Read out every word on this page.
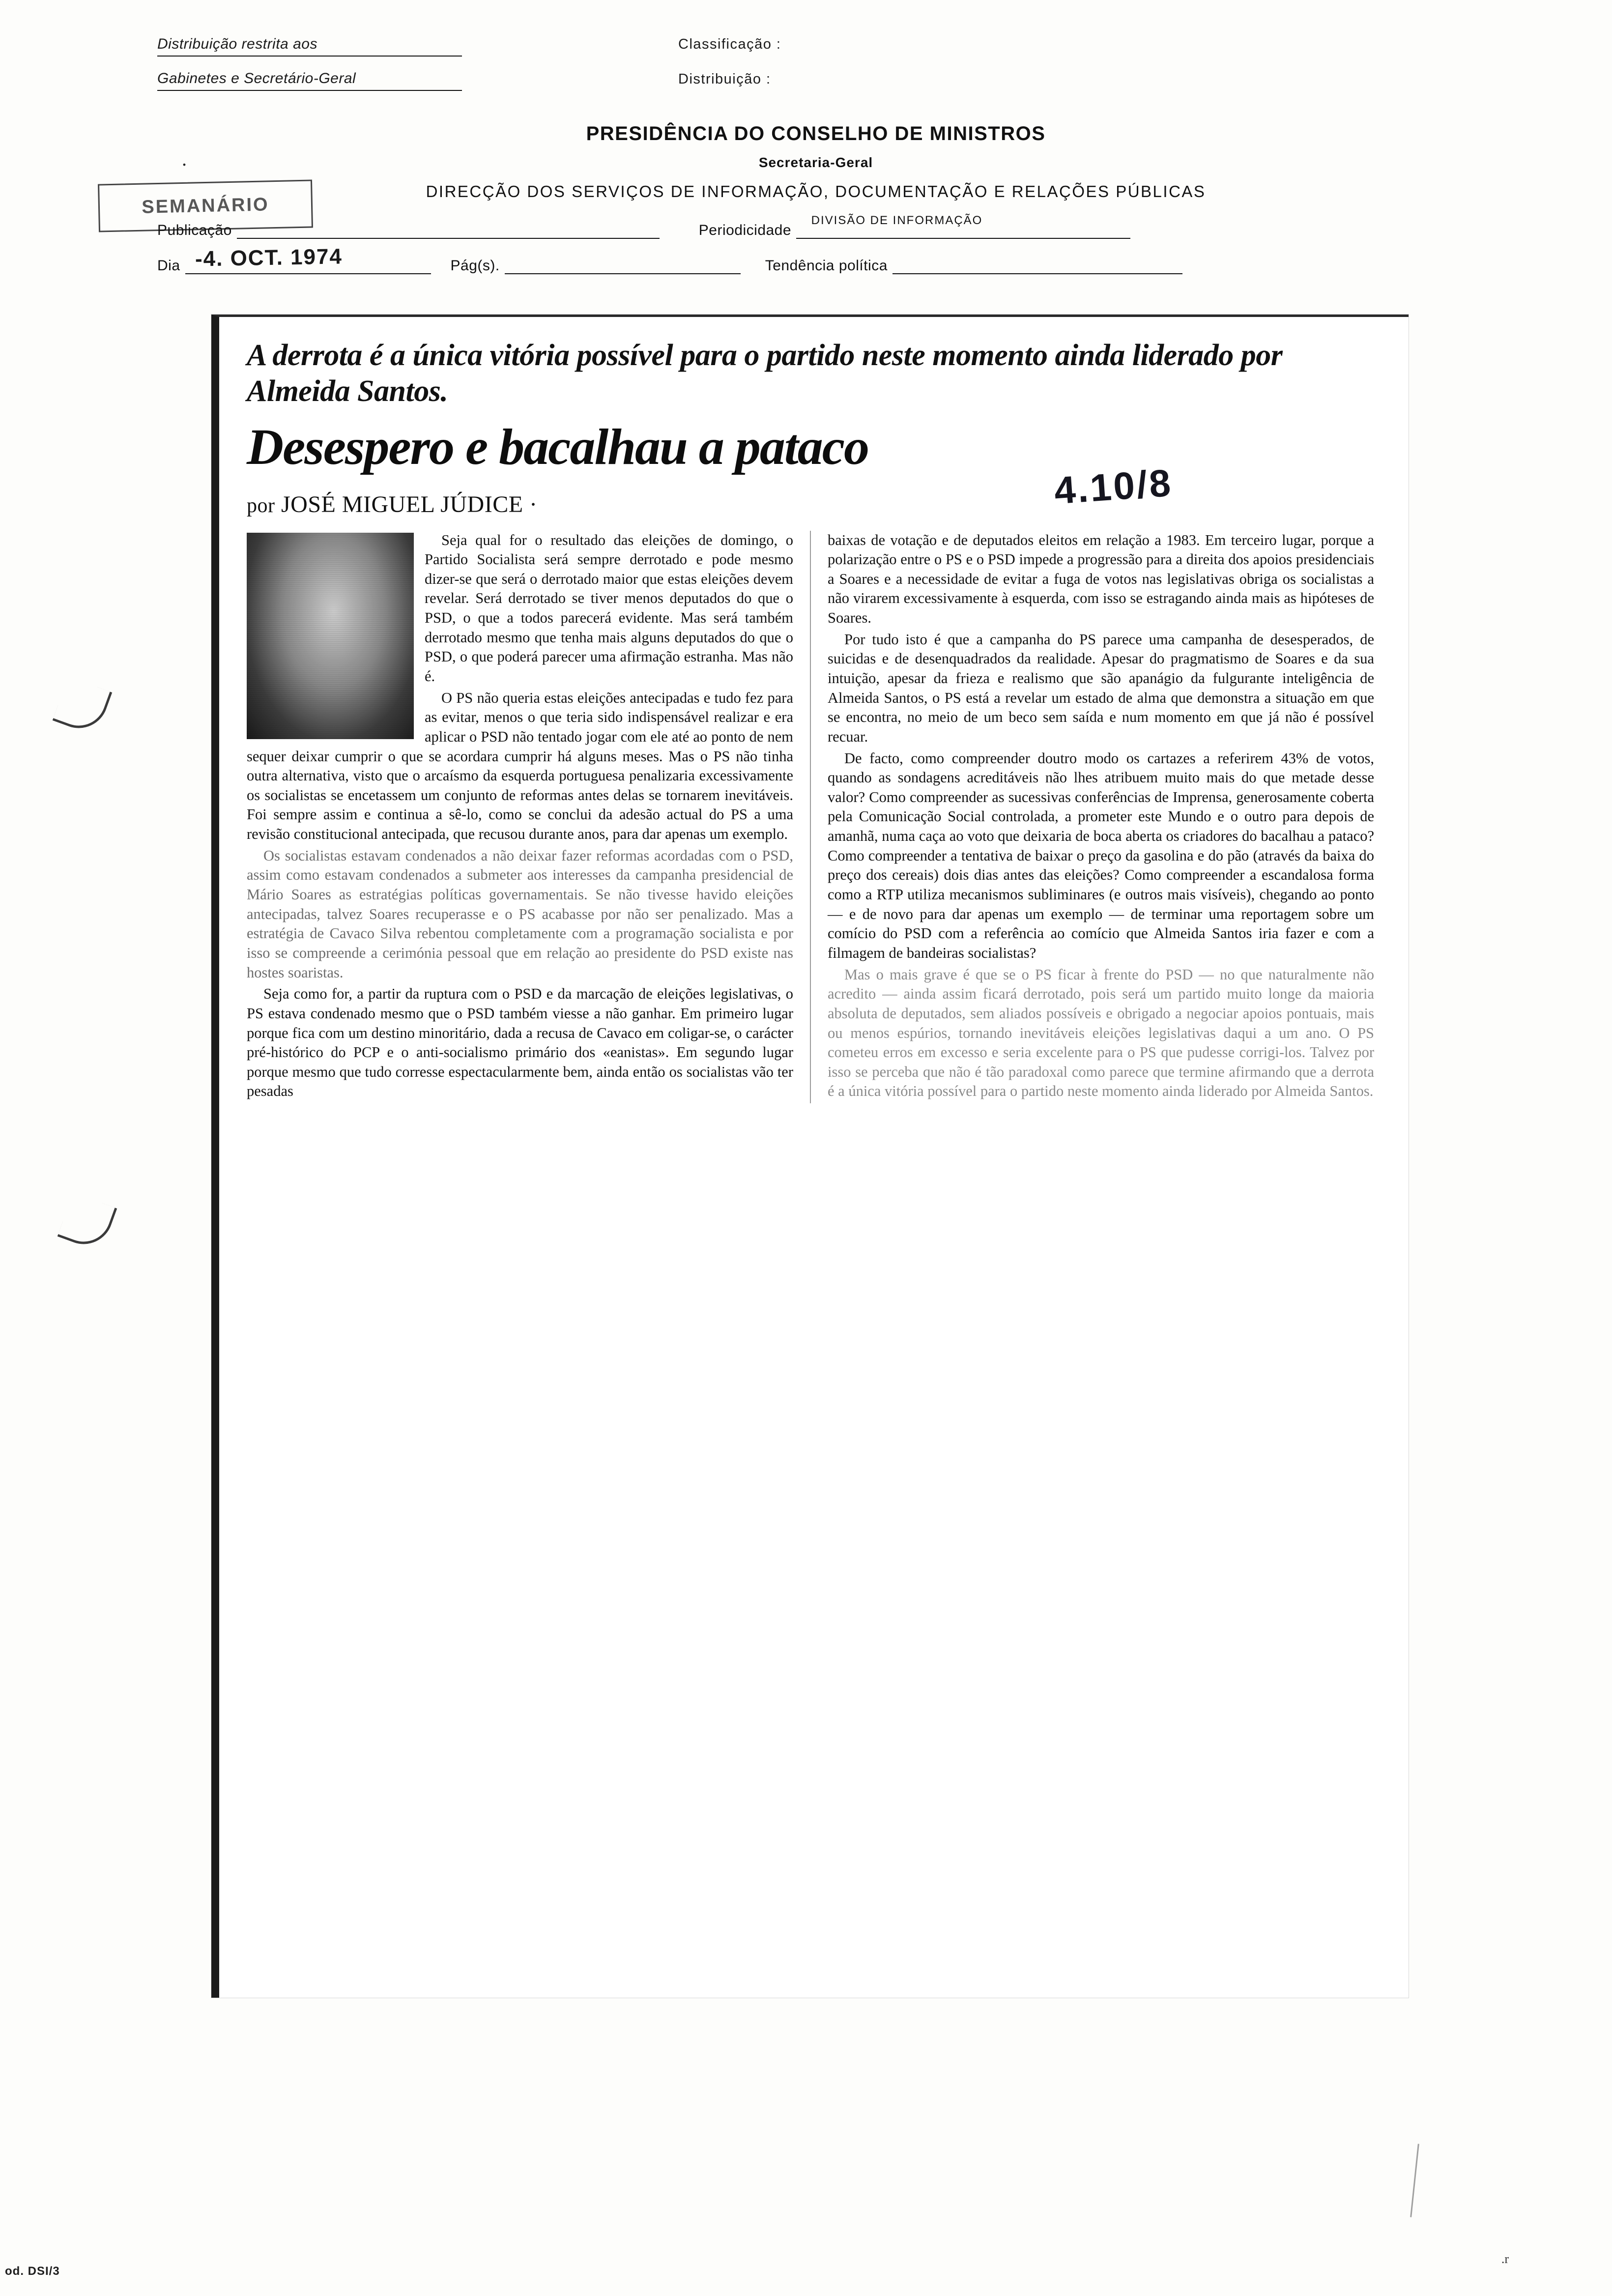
Distribuição restrita aos
Gabinetes e Secretário-Geral
Classificação :
Distribuição :
PRESIDÊNCIA DO CONSELHO DE MINISTROS
Secretaria-Geral
DIRECÇÃO DOS SERVIÇOS DE INFORMAÇÃO, DOCUMENTAÇÃO E RELAÇÕES PÚBLICAS
DIVISÃO DE INFORMAÇÃO
SEMANÁRIO
.
Publicação	Periodicidade
Dia -4. OCT. 1974	Pág(s).	Tendência política
A derrota é a única vitória possível para o partido neste momento ainda liderado por Almeida Santos.
Desespero e bacalhau a pataco
por JOSÉ MIGUEL JÚDICE ·	4.10/8

Seja qual for o resultado das eleições de domingo, o Partido Socialista será sempre derrotado e pode mesmo dizer-se que será o derrotado maior que estas eleições devem revelar. Será derrotado se tiver menos deputados do que o PSD, o que a todos parecerá evidente. Mas será também derrotado mesmo que tenha mais alguns deputados do que o PSD, o que poderá parecer uma afirmação estranha. Mas não é.

O PS não queria estas eleições antecipadas e tudo fez para as evitar, menos o que teria sido indispensável realizar e era aplicar o PSD não tentado jogar com ele até ao ponto de nem sequer deixar cumprir o que se acordara cumprir há alguns meses. Mas o PS não tinha outra alternativa, visto que o arcaísmo da esquerda portuguesa penalizaria excessivamente os socialistas se encetassem um conjunto de reformas antes delas se tornarem inevitáveis. Foi sempre assim e continua a sê-lo, como se conclui da adesão actual do PS a uma revisão constitucional antecipada, que recusou durante anos, para dar apenas um exemplo.

Os socialistas estavam condenados a não deixar fazer reformas acordadas com o PSD, assim como estavam condenados a submeter aos interesses da campanha presidencial de Mário Soares as estratégias políticas governamentais. Se não tivesse havido eleições antecipadas, talvez Soares recuperasse e o PS acabasse por não ser penalizado. Mas a estratégia de Cavaco Silva rebentou completamente com a programação socialista e por isso se compreende a cerimónia pessoal que em relação ao presidente do PSD existe nas hostes soaristas.

Seja como for, a partir da ruptura com o PSD e da marcação de eleições legislativas, o PS estava condenado mesmo que o PSD também viesse a não ganhar. Em primeiro lugar porque fica com um destino minoritário, dada a recusa de Cavaco em coligar-se, o carácter pré-histórico do PCP e o anti-socialismo primário dos «eanistas». Em segundo lugar porque mesmo que tudo corresse espectacularmente bem, ainda então os socialistas vão ter pesadas

baixas de votação e de deputados eleitos em relação a 1983. Em terceiro lugar, porque a polarização entre o PS e o PSD impede a progressão para a direita dos apoios presidenciais a Soares e a necessidade de evitar a fuga de votos nas legislativas obriga os socialistas a não virarem excessivamente à esquerda, com isso se estragando ainda mais as hipóteses de Soares.

Por tudo isto é que a campanha do PS parece uma campanha de desesperados, de suicidas e de desenquadrados da realidade. Apesar do pragmatismo de Soares e da sua intuição, apesar da frieza e realismo que são apanágio da fulgurante inteligência de Almeida Santos, o PS está a revelar um estado de alma que demonstra a situação em que se encontra, no meio de um beco sem saída e num momento em que já não é possível recuar.

De facto, como compreender doutro modo os cartazes a referirem 43% de votos, quando as sondagens acreditáveis não lhes atribuem muito mais do que metade desse valor? Como compreender as sucessivas conferências de Imprensa, generosamente coberta pela Comunicação Social controlada, a prometer este Mundo e o outro para depois de amanhã, numa caça ao voto que deixaria de boca aberta os criadores do bacalhau a pataco? Como compreender a tentativa de baixar o preço da gasolina e do pão (através da baixa do preço dos cereais) dois dias antes das eleições? Como compreender a escandalosa forma como a RTP utiliza mecanismos subliminares (e outros mais visíveis), chegando ao ponto — e de novo para dar apenas um exemplo — de terminar uma reportagem sobre um comício do PSD com a referência ao comício que Almeida Santos iria fazer e com a filmagem de bandeiras socialistas?

Mas o mais grave é que se o PS ficar à frente do PSD — no que naturalmente não acredito — ainda assim ficará derrotado, pois será um partido muito longe da maioria absoluta de deputados, sem aliados possíveis e obrigado a negociar apoios pontuais, mais ou menos espúrios, tornando inevitáveis eleições legislativas daqui a um ano. O PS cometeu erros em excesso e seria excelente para o PS que pudesse corrigi-los. Talvez por isso se perceba que não é tão paradoxal como parece que termine afirmando que a derrota é a única vitória possível para o partido neste momento ainda liderado por Almeida Santos.

od. DSI/3
.r
